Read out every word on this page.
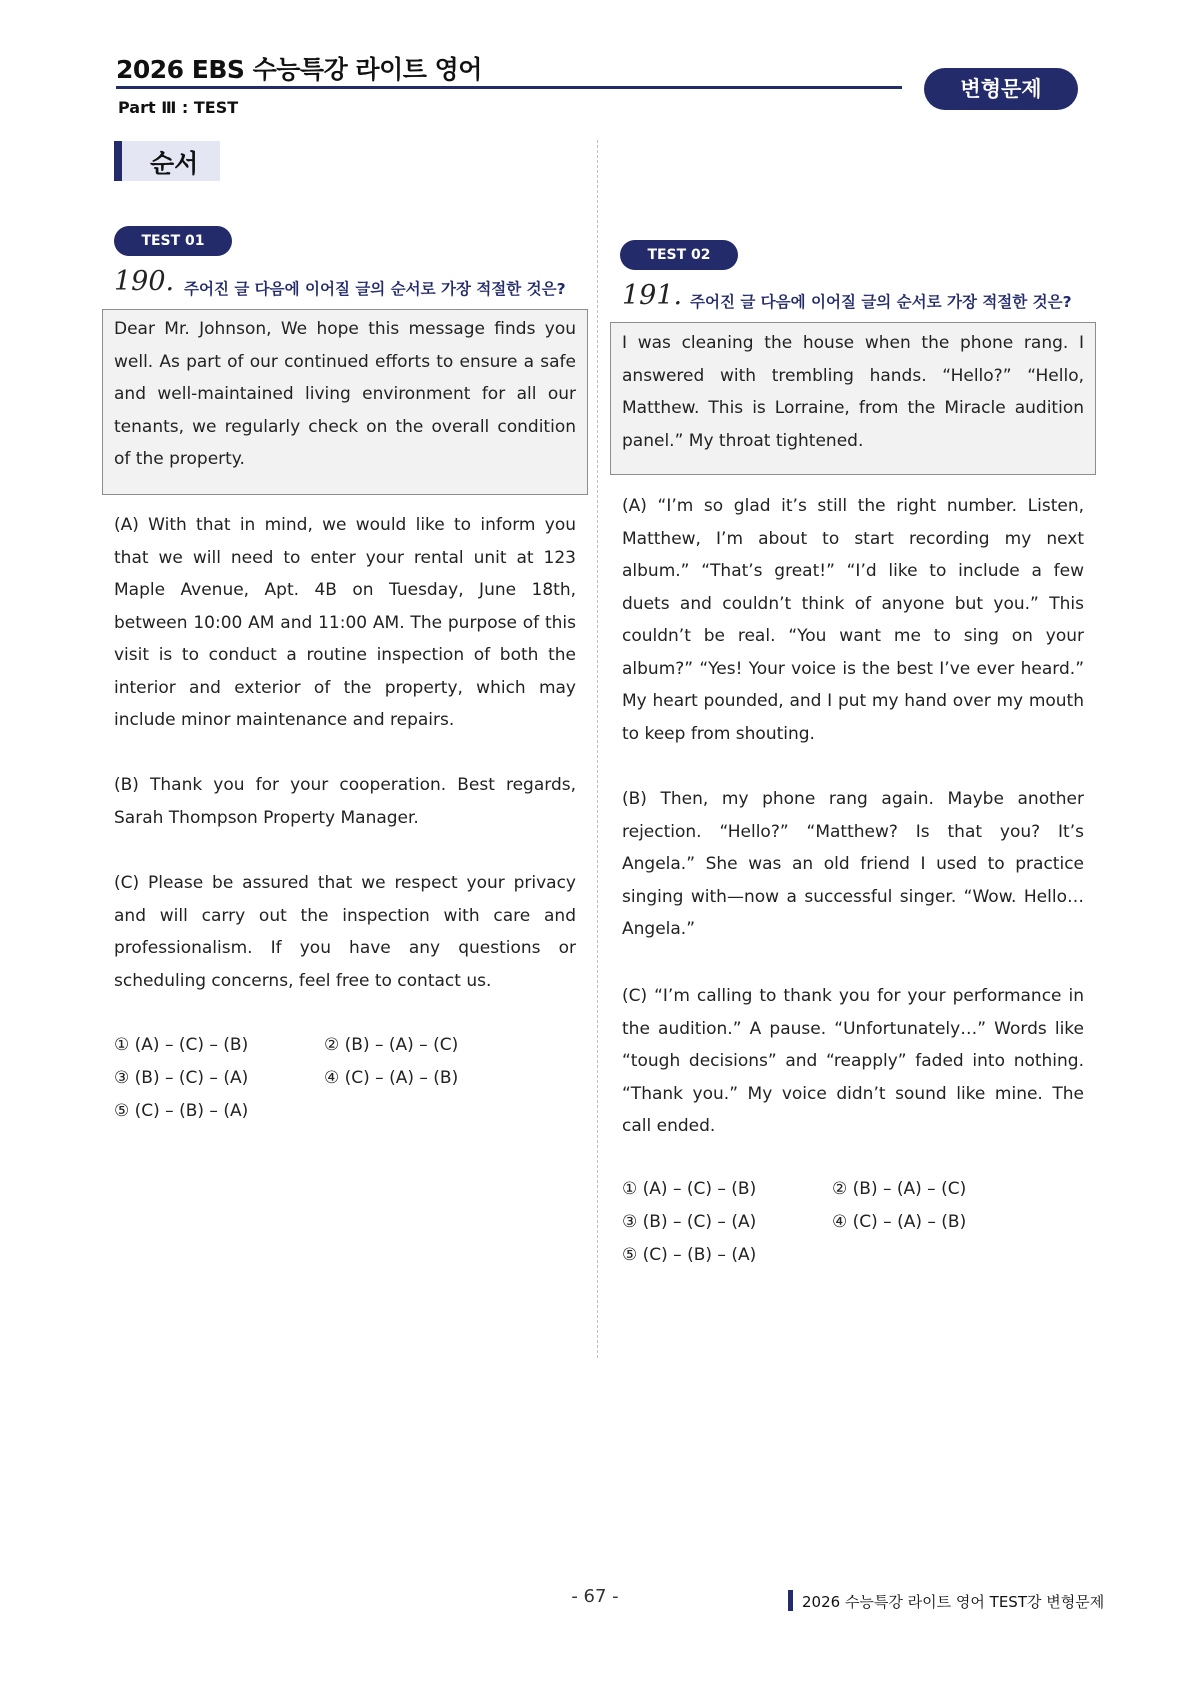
2026 EBS 수능특강 라이트 영어
변형문제
Part Ⅲ : TEST
순서
TEST 01
190. 주어진 글 다음에 이어질 글의 순서로 가장 적절한 것은?
Dear Mr. Johnson, We hope this message finds you well. As part of our continued efforts to ensure a safe and well-maintained living environment for all our tenants, we regularly check on the overall condition of the property.
(A) With that in mind, we would like to inform you that we will need to enter your rental unit at 123 Maple Avenue, Apt. 4B on Tuesday, June 18th, between 10:00 AM and 11:00 AM. The purpose of this visit is to conduct a routine inspection of both the interior and exterior of the property, which may include minor maintenance and repairs.
(B) Thank you for your cooperation. Best regards, Sarah Thompson Property Manager.
(C) Please be assured that we respect your privacy and will carry out the inspection with care and professionalism. If you have any questions or scheduling concerns, feel free to contact us.
① (A) – (C) – (B)	② (B) – (A) – (C)
③ (B) – (C) – (A)	④ (C) – (A) – (B)
⑤ (C) – (B) – (A)
TEST 02
191. 주어진 글 다음에 이어질 글의 순서로 가장 적절한 것은?
I was cleaning the house when the phone rang. I answered with trembling hands. “Hello?” “Hello, Matthew. This is Lorraine, from the Miracle audition panel.” My throat tightened.
(A) “I’m so glad it’s still the right number. Listen, Matthew, I’m about to start recording my next album.” “That’s great!” “I’d like to include a few duets and couldn’t think of anyone but you.” This couldn’t be real. “You want me to sing on your album?” “Yes! Your voice is the best I’ve ever heard.” My heart pounded, and I put my hand over my mouth to keep from shouting.
(B) Then, my phone rang again. Maybe another rejection. “Hello?” “Matthew? Is that you? It’s Angela.” She was an old friend I used to practice singing with—now a successful singer. “Wow. Hello… Angela.”
(C) “I’m calling to thank you for your performance in the audition.” A pause. “Unfortunately…” Words like “tough decisions” and “reapply” faded into nothing. “Thank you.” My voice didn’t sound like mine. The call ended.
① (A) – (C) – (B)	② (B) – (A) – (C)
③ (B) – (C) – (A)	④ (C) – (A) – (B)
⑤ (C) – (B) – (A)
- 67 -	2026 수능특강 라이트 영어 TEST강 변형문제
